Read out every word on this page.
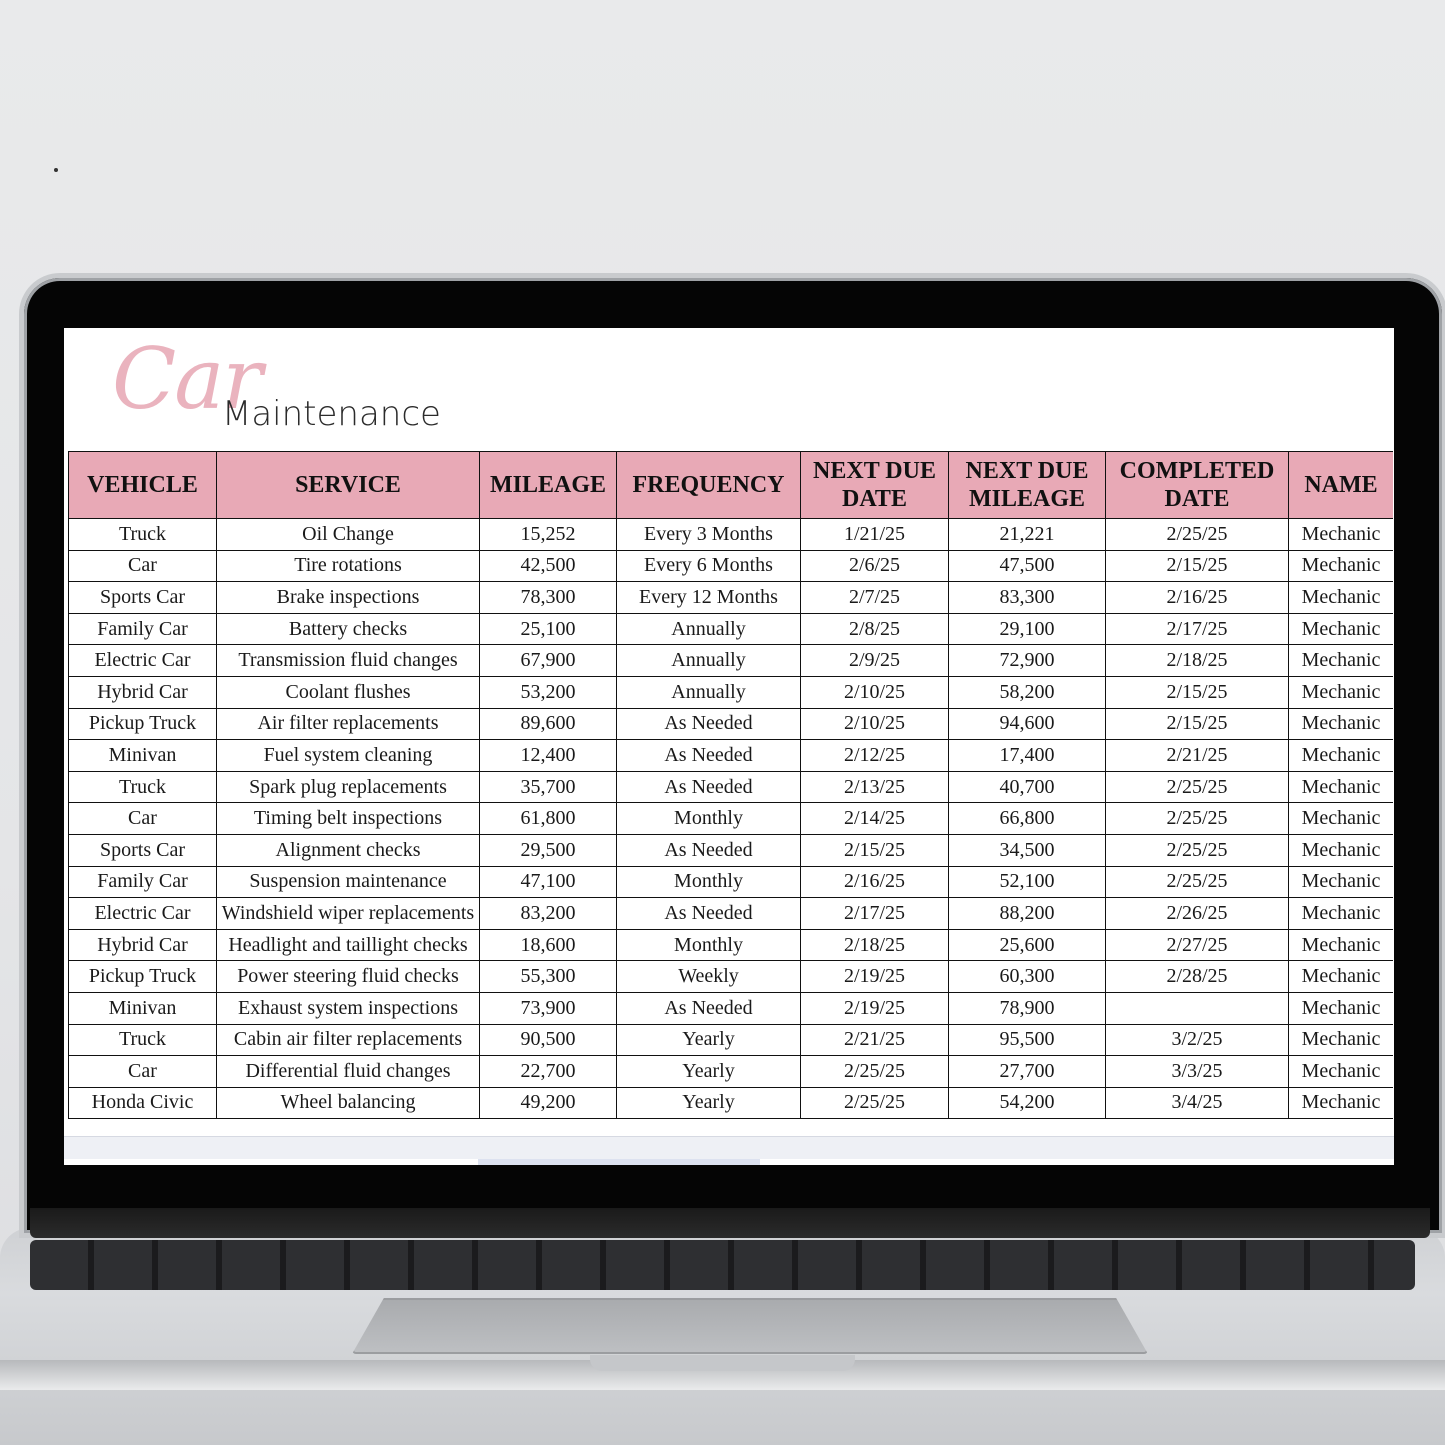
Car
Maintenance
VEHICLE	SERVICE	MILEAGE	FREQUENCY	NEXT DUE DATE	NEXT DUE MILEAGE	COMPLETED DATE	NAME
Truck	Oil Change	15,252	Every 3 Months	1/21/25	21,221	2/25/25	Mechanic
Car	Tire rotations	42,500	Every 6 Months	2/6/25	47,500	2/15/25	Mechanic
Sports Car	Brake inspections	78,300	Every 12 Months	2/7/25	83,300	2/16/25	Mechanic
Family Car	Battery checks	25,100	Annually	2/8/25	29,100	2/17/25	Mechanic
Electric Car	Transmission fluid changes	67,900	Annually	2/9/25	72,900	2/18/25	Mechanic
Hybrid Car	Coolant flushes	53,200	Annually	2/10/25	58,200	2/15/25	Mechanic
Pickup Truck	Air filter replacements	89,600	As Needed	2/10/25	94,600	2/15/25	Mechanic
Minivan	Fuel system cleaning	12,400	As Needed	2/12/25	17,400	2/21/25	Mechanic
Truck	Spark plug replacements	35,700	As Needed	2/13/25	40,700	2/25/25	Mechanic
Car	Timing belt inspections	61,800	Monthly	2/14/25	66,800	2/25/25	Mechanic
Sports Car	Alignment checks	29,500	As Needed	2/15/25	34,500	2/25/25	Mechanic
Family Car	Suspension maintenance	47,100	Monthly	2/16/25	52,100	2/25/25	Mechanic
Electric Car	Windshield wiper replacements	83,200	As Needed	2/17/25	88,200	2/26/25	Mechanic
Hybrid Car	Headlight and taillight checks	18,600	Monthly	2/18/25	25,600	2/27/25	Mechanic
Pickup Truck	Power steering fluid checks	55,300	Weekly	2/19/25	60,300	2/28/25	Mechanic
Minivan	Exhaust system inspections	73,900	As Needed	2/19/25	78,900		Mechanic
Truck	Cabin air filter replacements	90,500	Yearly	2/21/25	95,500	3/2/25	Mechanic
Car	Differential fluid changes	22,700	Yearly	2/25/25	27,700	3/3/25	Mechanic
Honda Civic	Wheel balancing	49,200	Yearly	2/25/25	54,200	3/4/25	Mechanic
